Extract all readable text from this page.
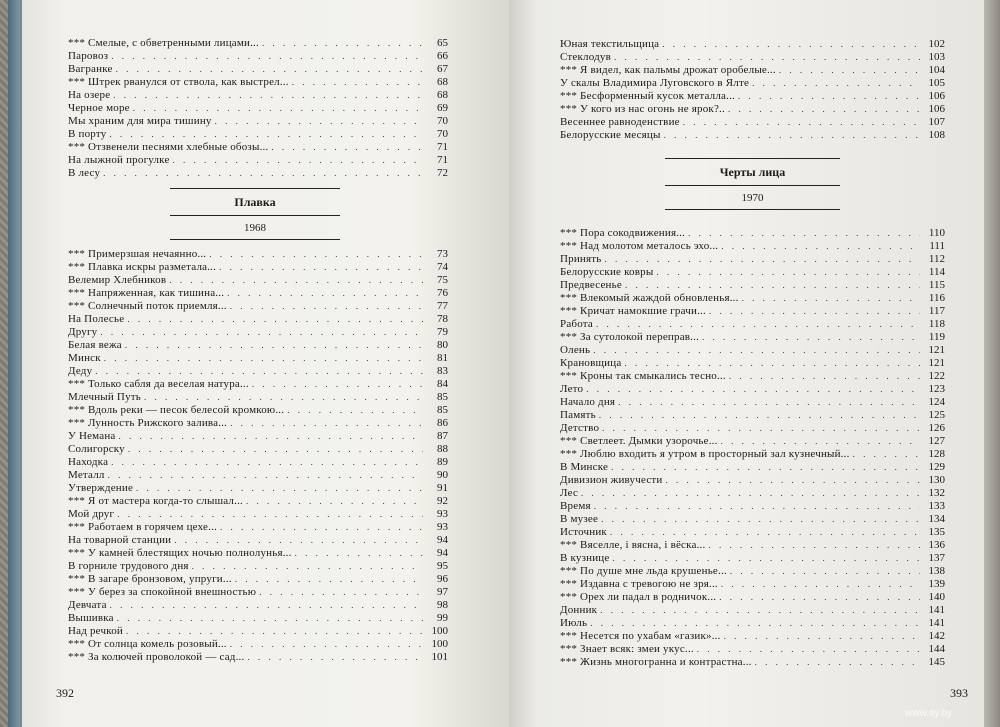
*** Смелые, с обветренными лицами... . . .	65
Паровоз . . .	66
Вагранке . . .	67
*** Штрек рванулся от ствола, как выстрел... . . .	68
На озере . . .	68
Черное море . . .	69
Мы храним для мира тишину . . .	70
В порту . . .	70
*** Отзвенели песнями хлебные обозы... . . .	71
На лыжной прогулке . . .	71
В лесу . . .	72
Плавка
1968
*** Примерзшая нечаянно... . . .	73
*** Плавка искры разметала... . . .	74
Велемир Хлебников . . .	75
*** Напряженная, как тишина... . . .	76
*** Солнечный поток приемля... . . .	77
На Полесье . . .	78
Другу . . .	79
Белая вежа . . .	80
Минск . . .	81
Деду . . .	83
*** Только сабля да веселая натура... . . .	84
Млечный Путь . . .	85
*** Вдоль реки — песок белесой кромкою... . . .	85
*** Лунность Рижского залива... . . .	86
У Немана . . .	87
Солигорску . . .	88
Находка . . .	89
Металл . . .	90
Утверждение . . .	91
*** Я от мастера когда-то слышал... . . .	92
Мой друг . . .	93
*** Работаем в горячем цехе... . . .	93
На товарной станции . . .	94
*** У камней блестящих ночью полнолунья... . . .	94
В горниле трудового дня . . .	95
*** В загаре бронзовом, упруги... . . .	96
*** У берез за спокойной внешностью . . .	97
Девчата . . .	98
Вышивка . . .	99
Над речкой . . .	100
*** От солнца комель розовый... . . .	100
*** За колючей проволокой — сад... . . .	101
392
Юная текстильщица . . .	102
Стеклодув . . .	103
*** Я видел, как пальмы дрожат оробелые... . . .	104
У скалы Владимира Луговского в Ялте . . .	105
*** Бесформенный кусок металла... . . .	106
*** У кого из нас огонь не ярок?.. . . .	106
Весеннее равноденствие . . .	107
Белорусские месяцы . . .	108
Черты лица
1970
*** Пора сокодвижения... . . .	110
*** Над молотом металось эхо... . . .	111
Принять . . .	112
Белорусские ковры . . .	114
Предвесенье . . .	115
*** Влекомый жаждой обновленья... . . .	116
*** Кричат намокшие грачи... . . .	117
Работа . . .	118
*** За сутолокой переправ... . . .	119
Олень . . .	121
Крановщица . . .	121
*** Кроны так смыкались тесно... . . .	122
Лето . . .	123
Начало дня . . .	124
Память . . .	125
Детство . . .	126
*** Светлеет. Дымки узорочье... . . .	127
*** Люблю входить я утром в просторный зал кузнечный... . . .	128
В Минске . . .	129
Дивизион живучести . . .	130
Лес . . .	132
Время . . .	133
В музее . . .	134
Источник . . .	135
*** Вяселле, і вясна, і вёска... . . .	136
В кузнице . . .	137
*** По душе мне льда крушенье... . . .	138
*** Издавна с тревогою не зря... . . .	139
*** Орех ли падал в родничок... . . .	140
Донник . . .	141
Июль . . .	141
*** Несется по ухабам «газик»... . . .	142
*** Знает всяк: змеи укус... . . .	144
*** Жизнь многогранна и контрастна... . . .	145
393
www.ay.by
